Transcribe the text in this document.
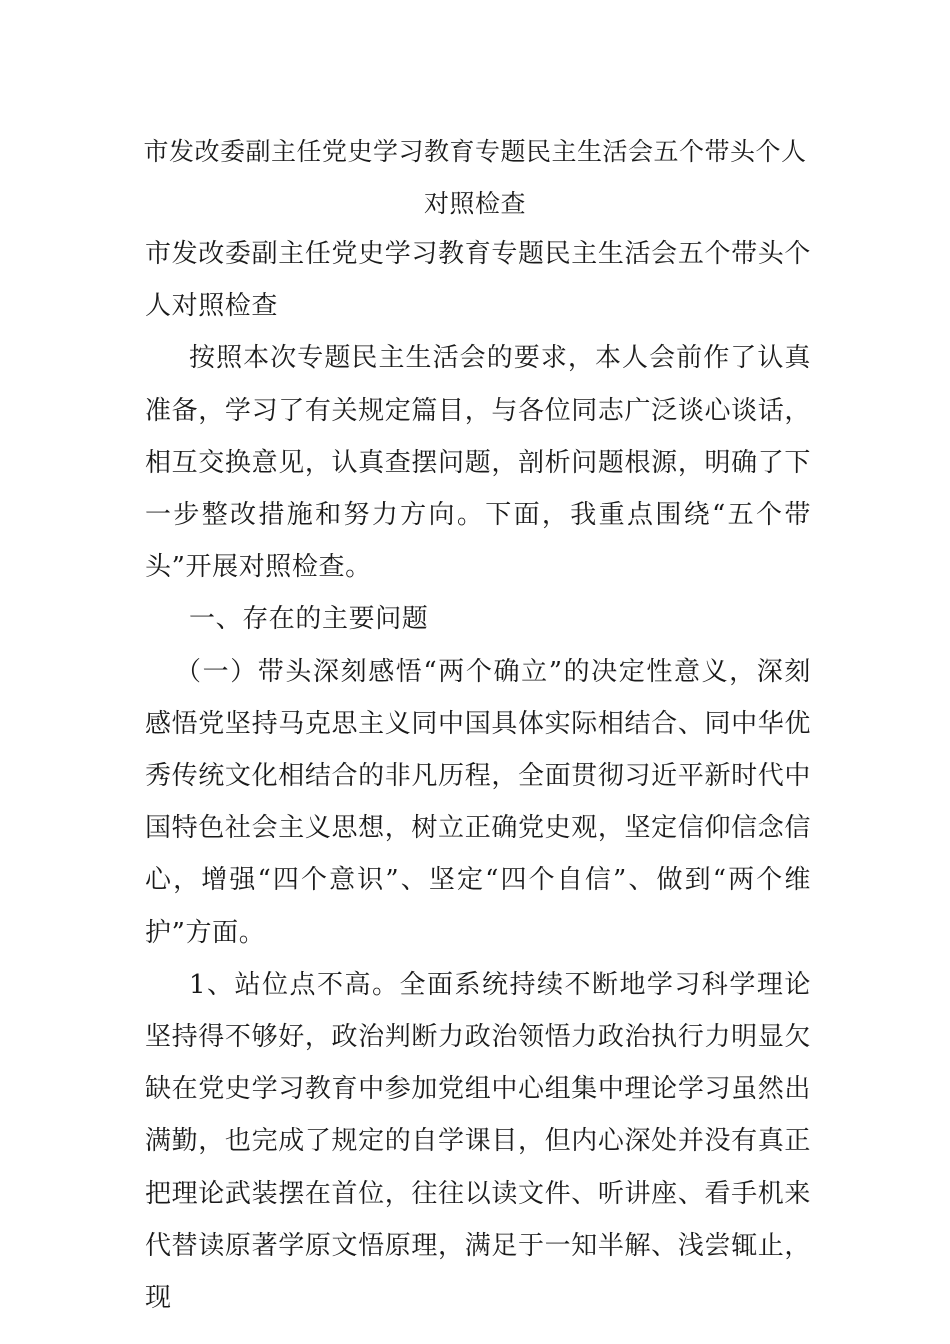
市发改委副主任党史学习教育专题民主生活会五个带头个人对照检查

市发改委副主任党史学习教育专题民主生活会五个带头个人对照检查

按照本次专题民主生活会的要求，本人会前作了认真准备，学习了有关规定篇目，与各位同志广泛谈心谈话，相互交换意见，认真查摆问题，剖析问题根源，明确了下一步整改措施和努力方向。下面，我重点围绕“五个带头”开展对照检查。

一、存在的主要问题

（一）带头深刻感悟“两个确立”的决定性意义，深刻感悟党坚持马克思主义同中国具体实际相结合、同中华优秀传统文化相结合的非凡历程，全面贯彻习近平新时代中国特色社会主义思想，树立正确党史观，坚定信仰信念信心，增强“四个意识”、坚定“四个自信”、做到“两个维护”方面。

1、站位点不高。全面系统持续不断地学习科学理论坚持得不够好，政治判断力政治领悟力政治执行力明显欠缺在党史学习教育中参加党组中心组集中理论学习虽然出满勤，也完成了规定的自学课目，但内心深处并没有真正把理论武装摆在首位，往往以读文件、听讲座、看手机来代替读原著学原文悟原理，满足于一知半解、浅尝辄止，现
